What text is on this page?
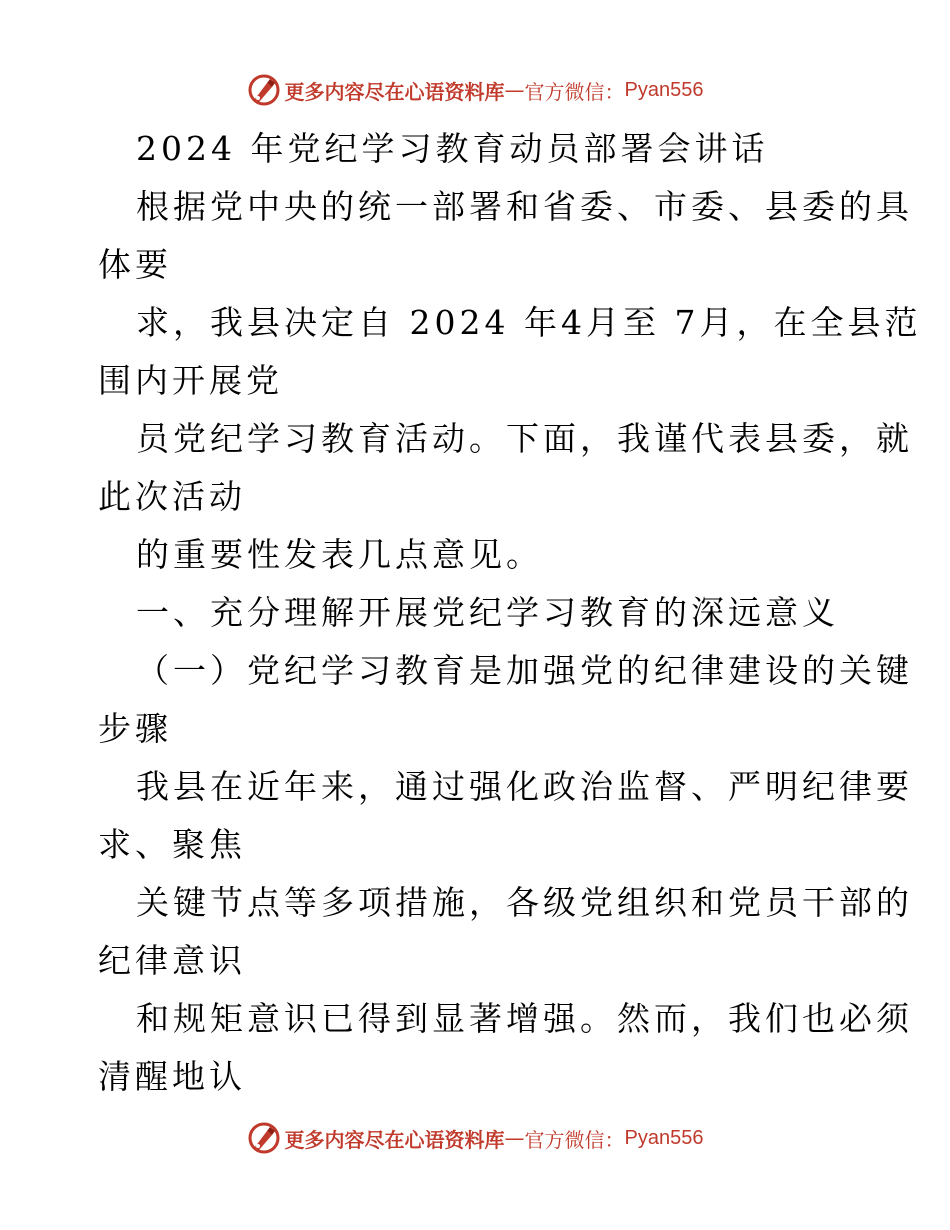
更多内容尽在心语资料库 — 官方微信： Pyan556
2024 年党纪学习教育动员部署会讲话
根据党中央的统一部署和省委、市委、县委的具
体要
求，我县决定自 2024 年4月至 7月，在全县范
围内开展党
员党纪学习教育活动。下面，我谨代表县委，就
此次活动
的重要性发表几点意见。
一、充分理解开展党纪学习教育的深远意义
（一）党纪学习教育是加强党的纪律建设的关键
步骤
我县在近年来，通过强化政治监督、严明纪律要
求、聚焦
关键节点等多项措施，各级党组织和党员干部的
纪律意识
和规矩意识已得到显著增强。然而，我们也必须
清醒地认
更多内容尽在心语资料库 — 官方微信： Pyan556
